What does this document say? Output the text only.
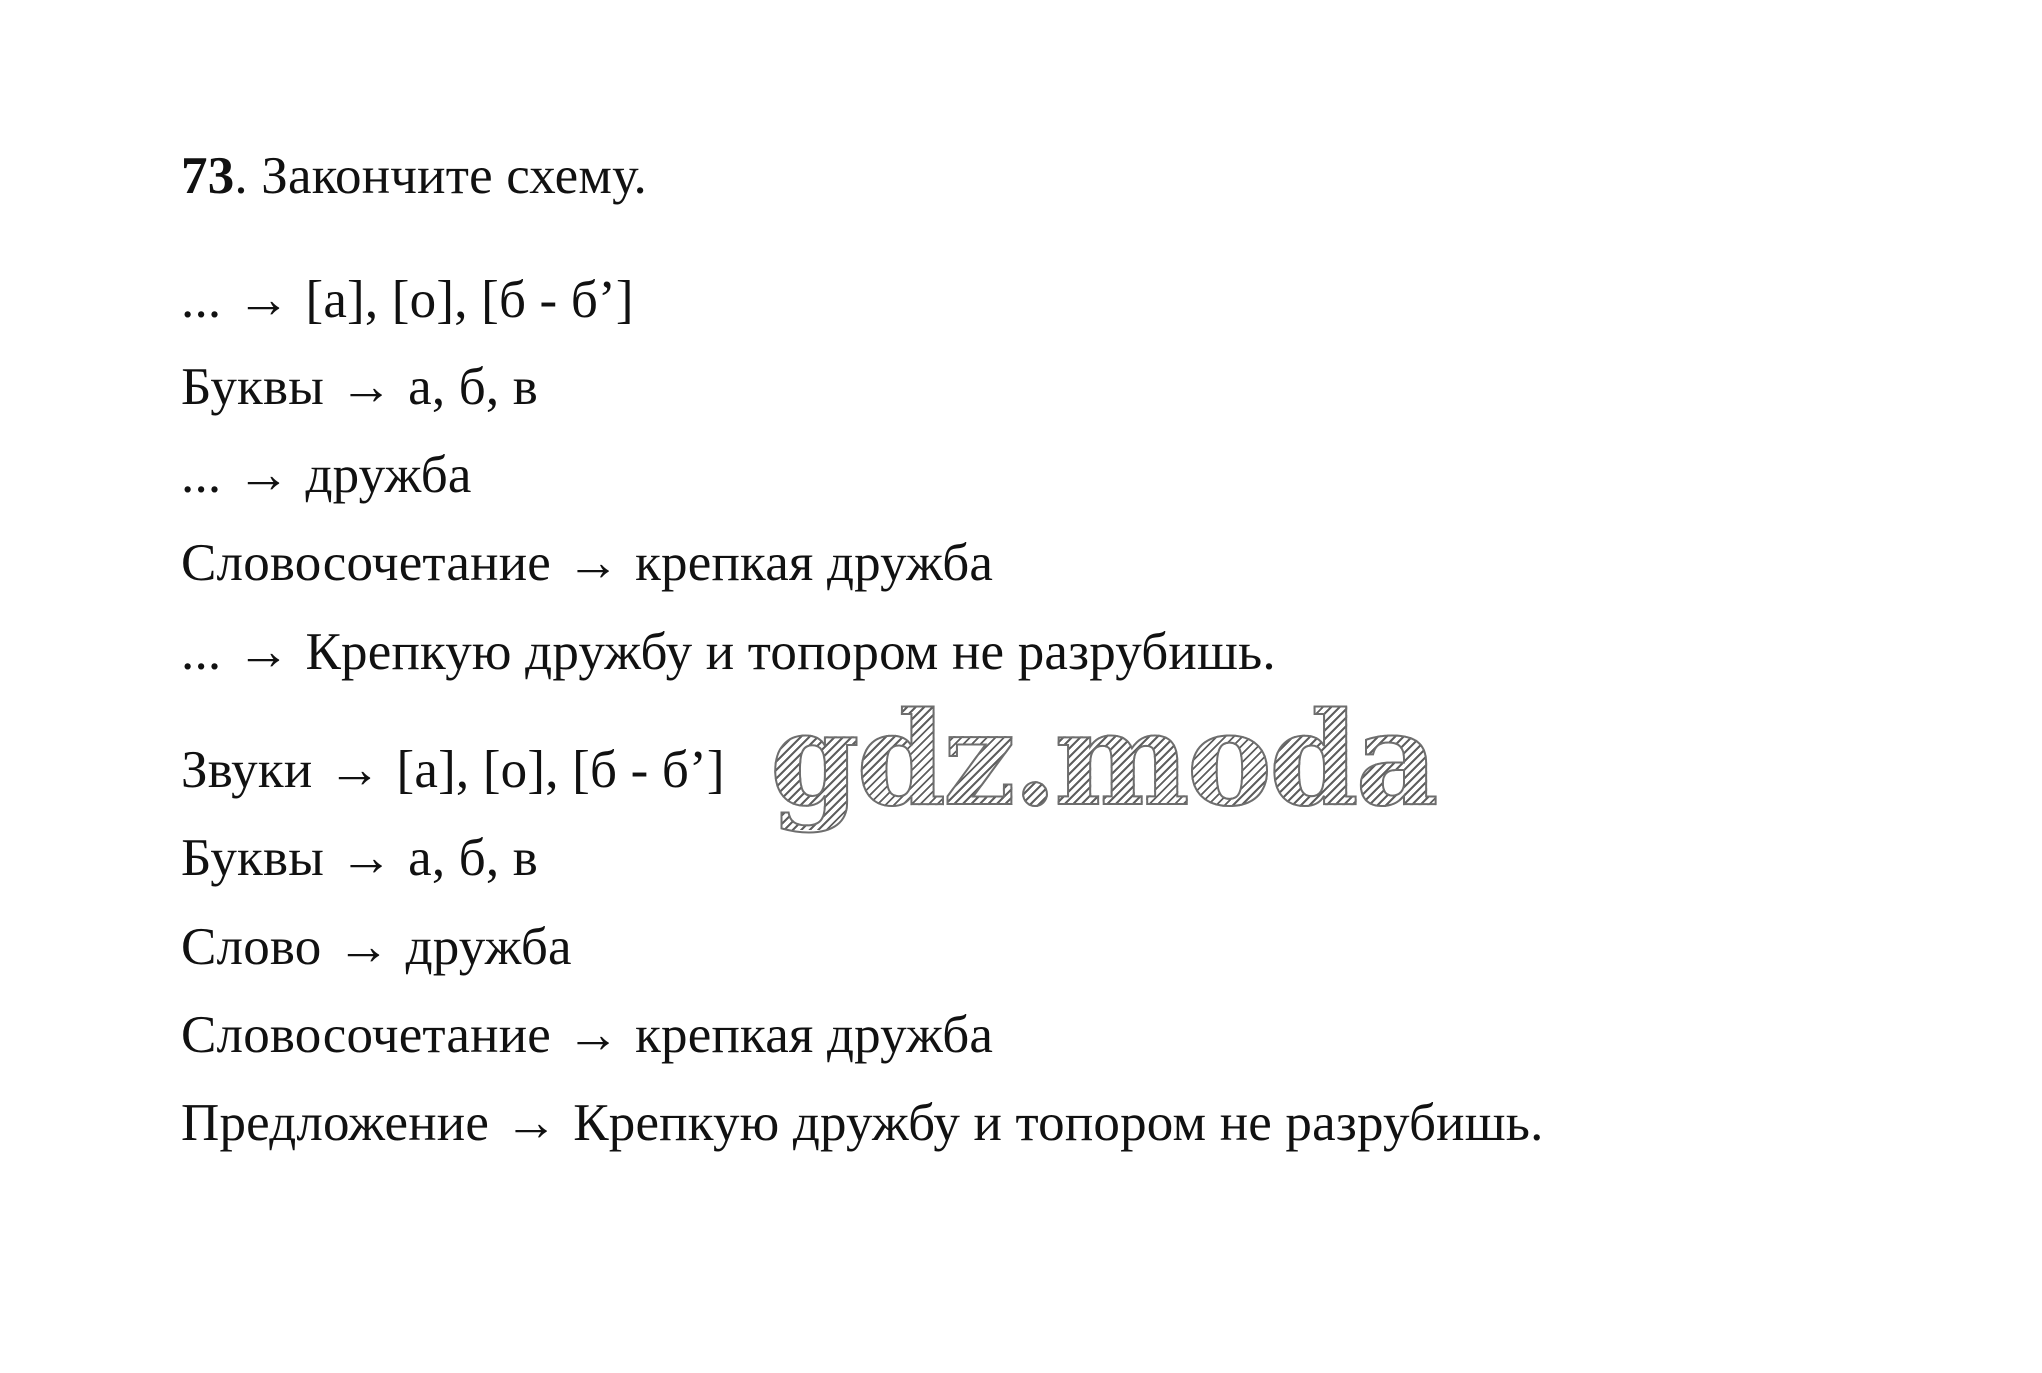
73. Закончите схему.
... → [а], [о], [б - б’]
Буквы → а, б, в
... → дружба
Словосочетание → крепкая дружба
... → Крепкую дружбу и топором не разрубишь.
Звуки → [а], [о], [б - б’]
Буквы → а, б, в
Слово → дружба
Словосочетание → крепкая дружба
Предложение → Крепкую дружбу и топором не разрубишь.
gdz.moda
